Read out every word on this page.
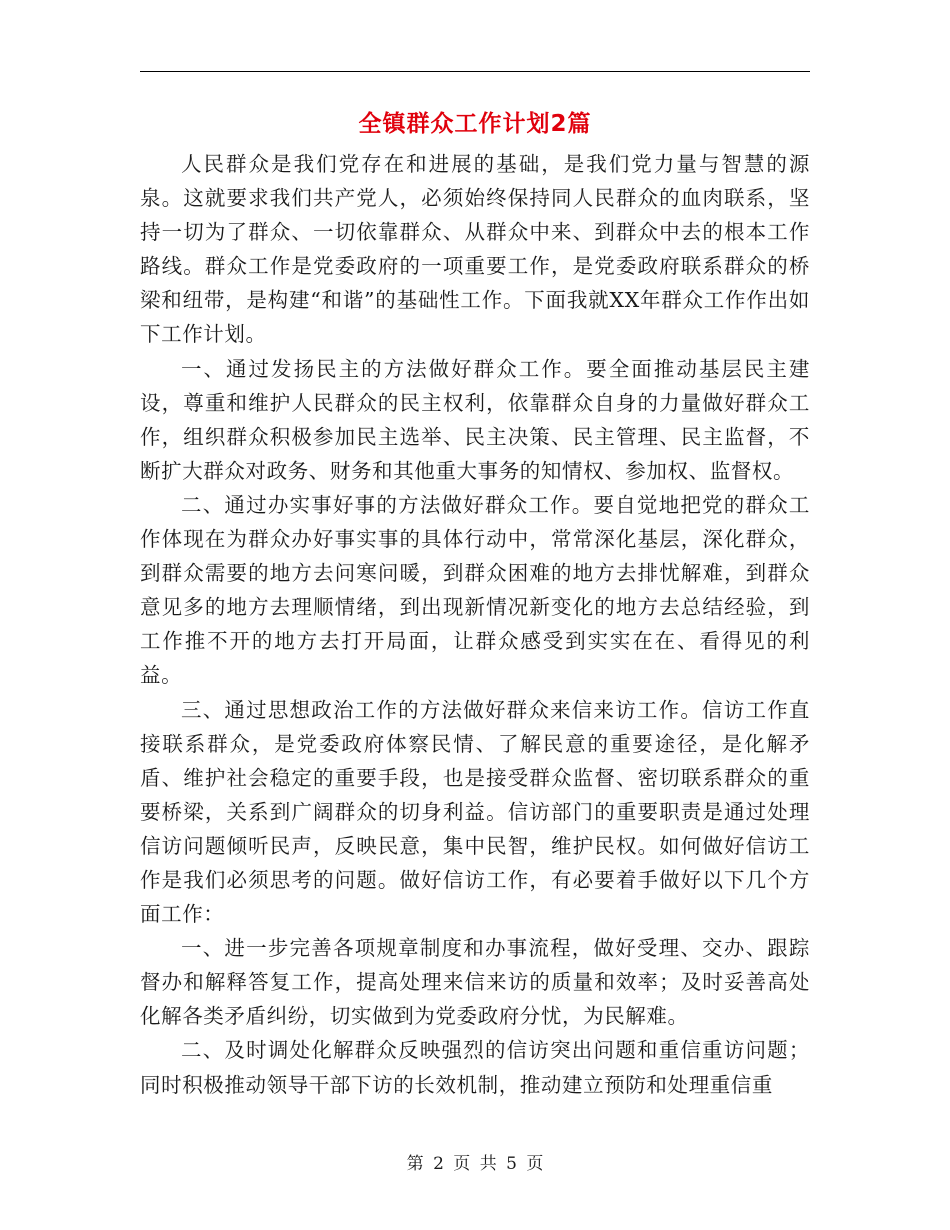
全镇群众工作计划2篇

人民群众是我们党存在和进展的基础，是我们党力量与智慧的源泉。这就要求我们共产党人，必须始终保持同人民群众的血肉联系，坚持一切为了群众、一切依靠群众、从群众中来、到群众中去的根本工作路线。群众工作是党委政府的一项重要工作，是党委政府联系群众的桥梁和纽带，是构建“和谐”的基础性工作。下面我就XX年群众工作作出如下工作计划。

一、通过发扬民主的方法做好群众工作。要全面推动基层民主建设，尊重和维护人民群众的民主权利，依靠群众自身的力量做好群众工作，组织群众积极参加民主选举、民主决策、民主管理、民主监督，不断扩大群众对政务、财务和其他重大事务的知情权、参加权、监督权。

二、通过办实事好事的方法做好群众工作。要自觉地把党的群众工作体现在为群众办好事实事的具体行动中，常常深化基层，深化群众，到群众需要的地方去问寒问暖，到群众困难的地方去排忧解难，到群众意见多的地方去理顺情绪，到出现新情况新变化的地方去总结经验，到工作推不开的地方去打开局面，让群众感受到实实在在、看得见的利益。

三、通过思想政治工作的方法做好群众来信来访工作。信访工作直接联系群众，是党委政府体察民情、了解民意的重要途径，是化解矛盾、维护社会稳定的重要手段，也是接受群众监督、密切联系群众的重要桥梁，关系到广阔群众的切身利益。信访部门的重要职责是通过处理信访问题倾听民声，反映民意，集中民智，维护民权。如何做好信访工作是我们必须思考的问题。做好信访工作，有必要着手做好以下几个方面工作：

一、进一步完善各项规章制度和办事流程，做好受理、交办、跟踪督办和解释答复工作，提高处理来信来访的质量和效率；及时妥善高处化解各类矛盾纠纷，切实做到为党委政府分忧，为民解难。

二、及时调处化解群众反映强烈的信访突出问题和重信重访问题；同时积极推动领导干部下访的长效机制，推动建立预防和处理重信重

第 2 页 共 5 页
